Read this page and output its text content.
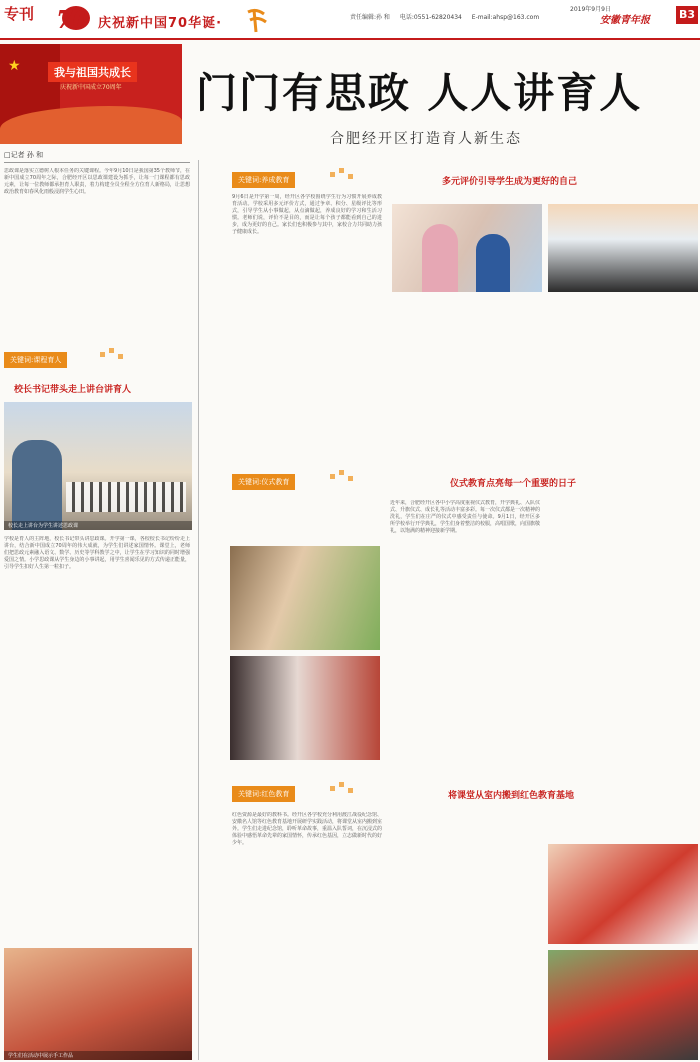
专刊 70 庆祝新中国70华诞·	责任编辑:孙 和 电话:0551-62820434 E-mail:ahsp@163.com
2019年9月9日
安徽青年报	B3
★	我与祖国共成长
庆祝新中国成立70周年 门门有思政 人人讲育人
合肥经开区打造育人新生态
□记者 孙 和
思政课是落实立德树人根本任务的关键课程。今年9月10日是我国第35个教师节，在新中国成立70周年之际，合肥经开区以思政课建设为抓手，让每一门课程都有思政元素，让每一位教师都承担育人职责，着力构建全员全程全方位育人新格局，让思想政治教育如春风化雨般浸润学生心田。
关键词:课程育人
校长书记带头走上讲台讲育人
校长走上讲台为学生讲述思政课
学校是育人的主阵地，校长书记带头讲思政课。开学第一课，各校校长书记纷纷走上讲台，结合新中国成立70周年的伟大成就，为学生们讲述家国情怀。课堂上，老师们把思政元素融入语文、数学、历史等学科教学之中，让学生在学习知识的同时增强爱国之情。小学思政课从学生身边的小事讲起，用学生喜闻乐见的方式传递正能量，引导学生扣好人生第一粒扣子。
学生们在活动中展示手工作品
关键词:养成教育	多元评价引导学生成为更好的自己
9月6日是开学第一周，经开区各学校围绕学生行为习惯开展养成教育活动。学校采用多元评价方式，通过争章、积分、星级评比等形式，引导学生从小事做起，从点滴做起，养成良好的学习和生活习惯。老师们说，评价不是目的，而是让每个孩子都能看到自己的进步，成为更好的自己。家长们也积极参与其中，家校合力共同助力孩子健康成长。
关键词:仪式教育	仪式教育点亮每一个重要的日子
近年来，合肥经开区各中小学高度重视仪式教育，开学典礼、入队仪式、升旗仪式、成长礼等活动丰富多彩。每一次仪式都是一次精神的洗礼，学生们在庄严的仪式中感受责任与使命。9月1日，经开区多所学校举行开学典礼，学生们身着整洁的校服，高唱国歌，向国旗敬礼，以饱满的精神迎接新学期。
关键词:红色教育	将课堂从室内搬到红色教育基地
红色资源是最好的教科书。经开区各学校充分利用渡江战役纪念馆、安徽名人馆等红色教育基地开展研学实践活动，将课堂从室内搬到室外。学生们走进纪念馆，聆听革命故事，重温入队誓词，在沉浸式的体验中感悟革命先辈的家国情怀，传承红色基因，立志做新时代的好少年。
